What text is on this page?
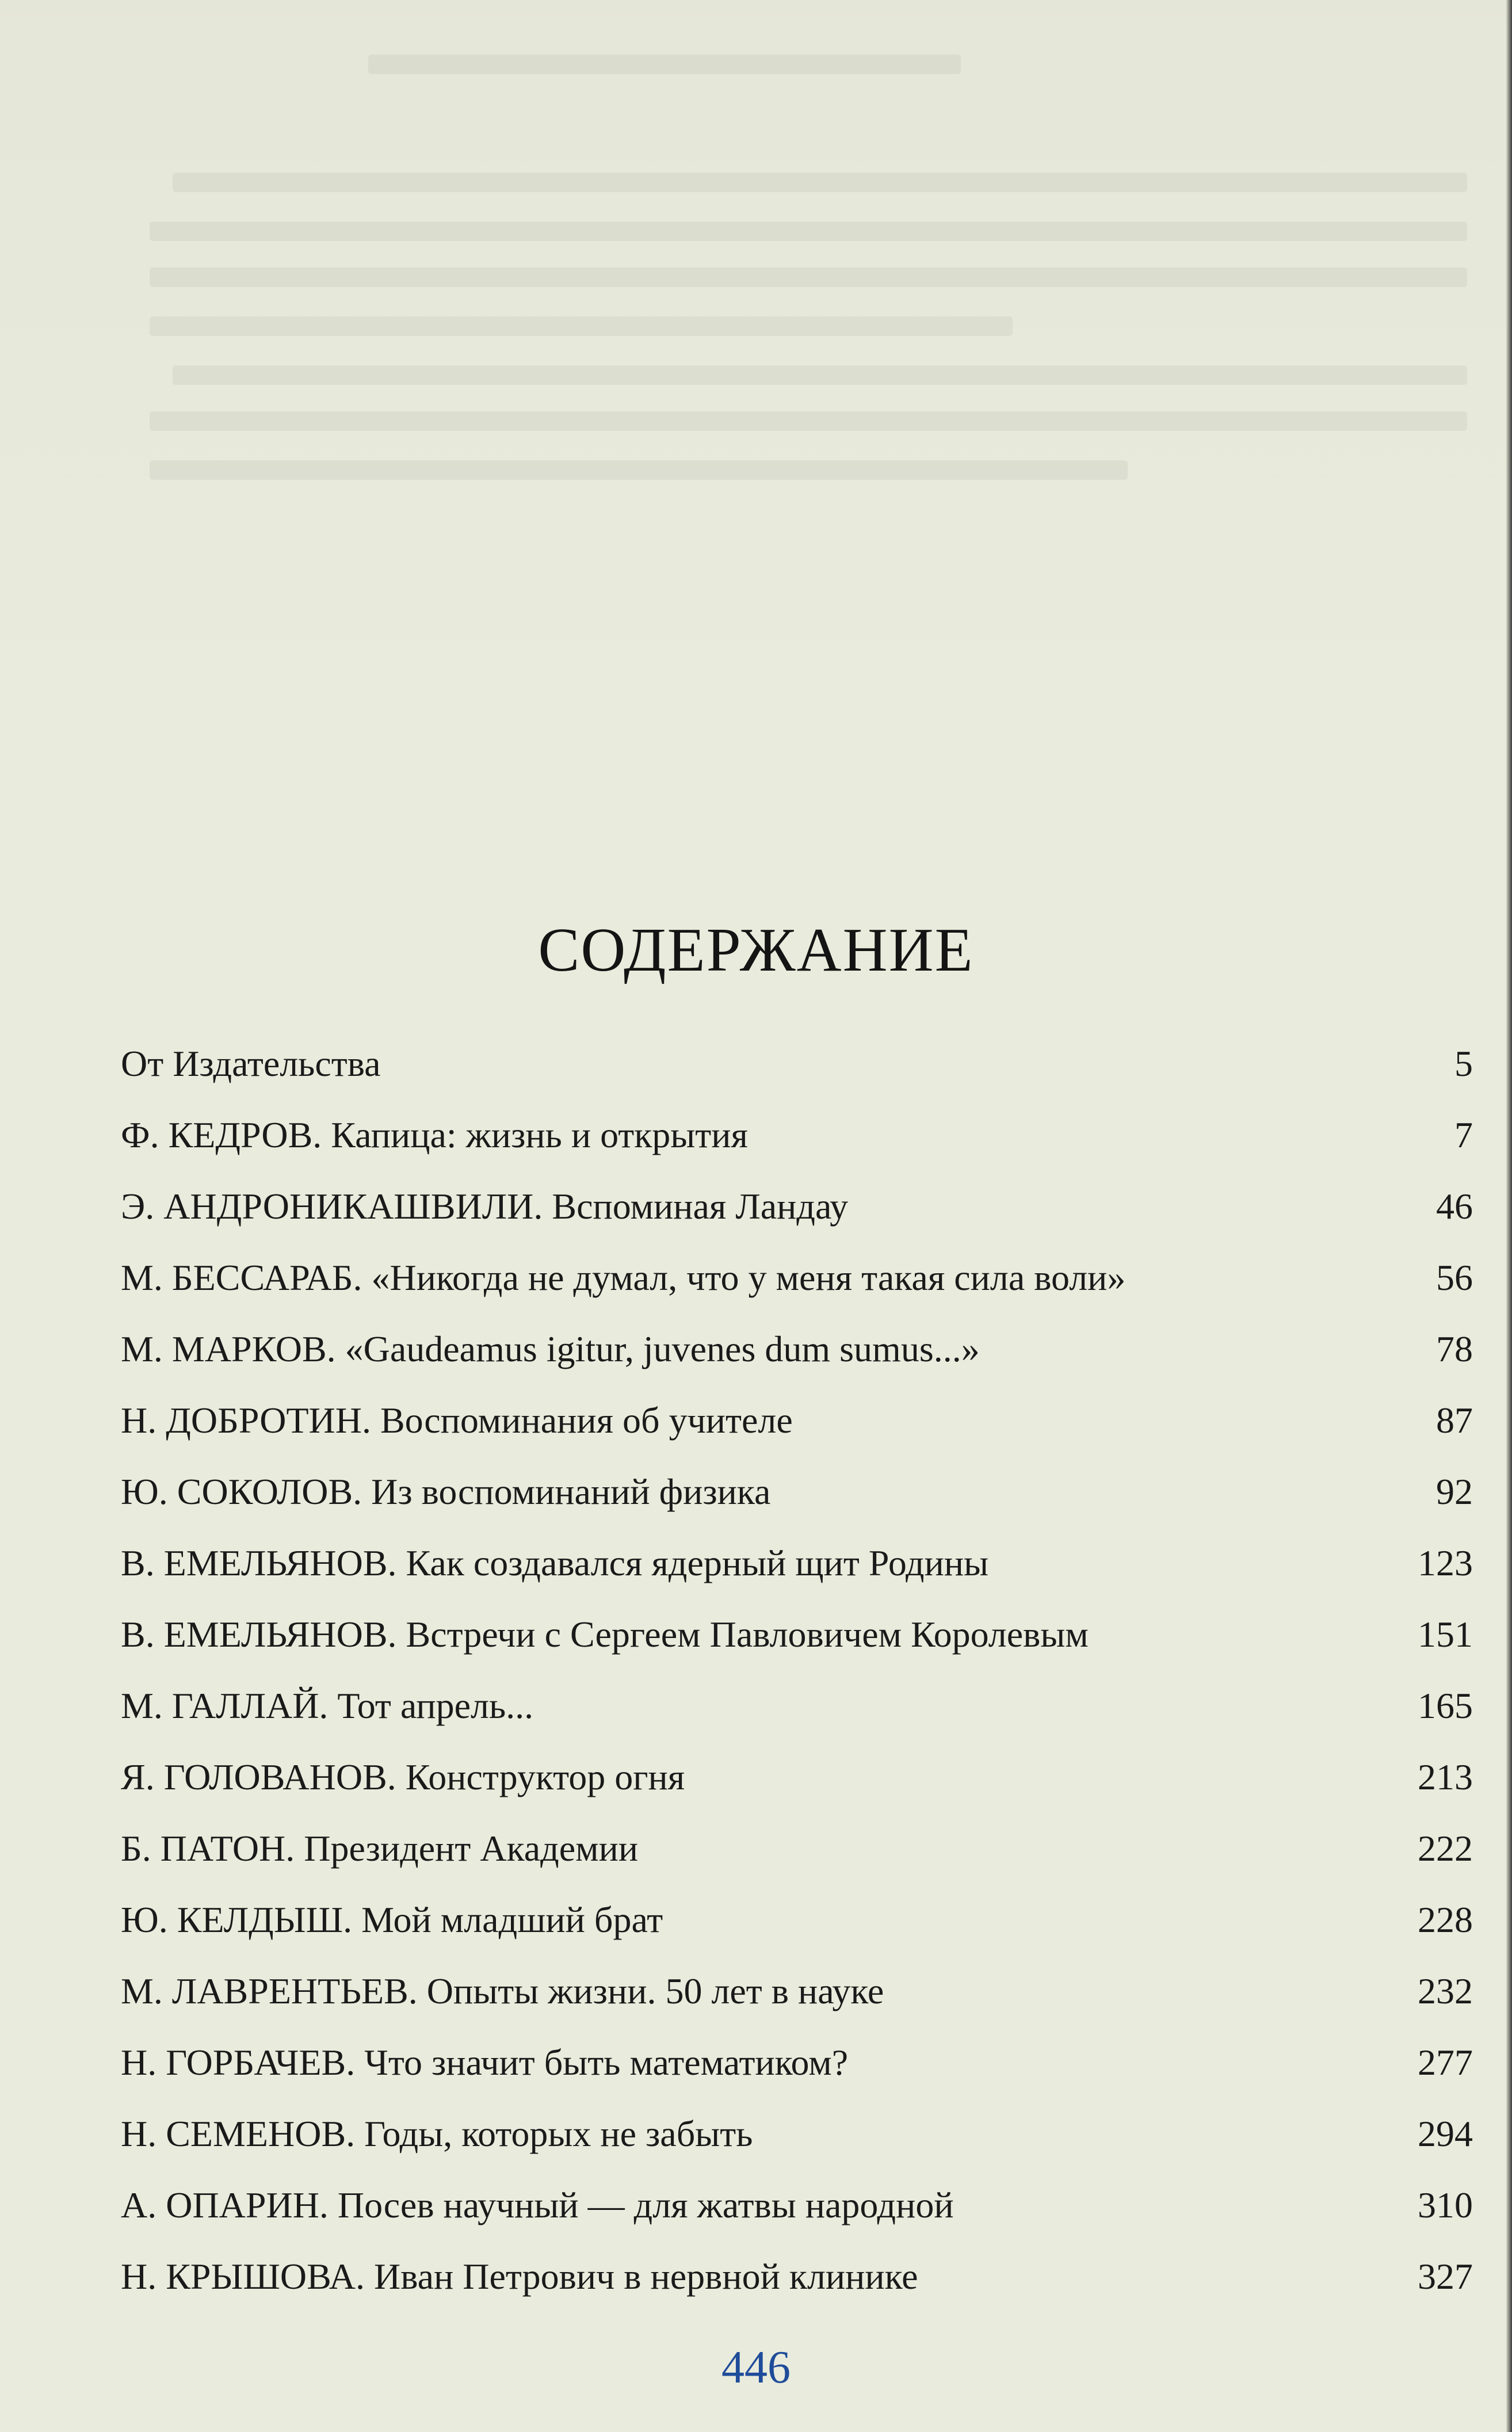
СОДЕРЖАНИЕ
От Издательства	5
Ф. КЕДРОВ. Капица: жизнь и открытия	7
Э. АНДРОНИКАШВИЛИ. Вспоминая Ландау	46
М. БЕССАРАБ. «Никогда не думал, что у меня такая сила воли»	56
М. МАРКОВ. «Gaudeamus igitur, juvenes dum sumus...»	78
Н. ДОБРОТИН. Воспоминания об учителе	87
Ю. СОКОЛОВ. Из воспоминаний физика	92
В. ЕМЕЛЬЯНОВ. Как создавался ядерный щит Родины	123
В. ЕМЕЛЬЯНОВ. Встречи с Сергеем Павловичем Королевым	151
М. ГАЛЛАЙ. Тот апрель...	165
Я. ГОЛОВАНОВ. Конструктор огня	213
Б. ПАТОН. Президент Академии	222
Ю. КЕЛДЫШ. Мой младший брат	228
М. ЛАВРЕНТЬЕВ. Опыты жизни. 50 лет в науке	232
Н. ГОРБАЧЕВ. Что значит быть математиком?	277
Н. СЕМЕНОВ. Годы, которых не забыть	294
А. ОПАРИН. Посев научный — для жатвы народной	310
Н. КРЫШОВА. Иван Петрович в нервной клинике	327
446
